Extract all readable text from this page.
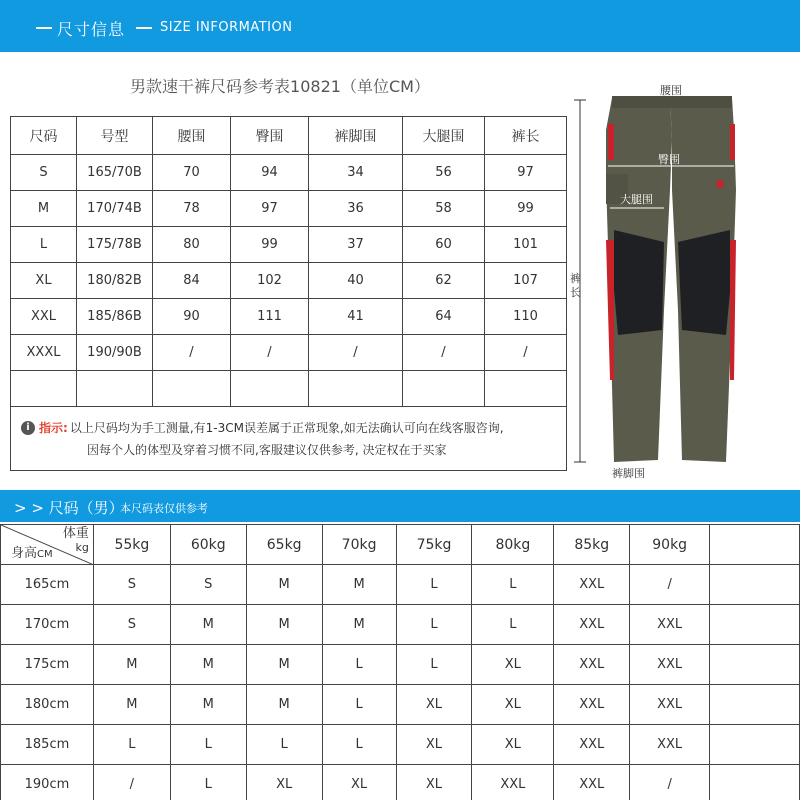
尺寸信息	SIZE INFORMATION
男款速干裤尺码参考表10821（单位CM）
尺码	号型	腰围	臀围	裤脚围	大腿围	裤长
S	165/70B	70	94	34	56	97
M	170/74B	78	97	36	58	99
L	175/78B	80	99	37	60	101
XL	180/82B	84	102	40	62	107
XXL	185/86B	90	111	41	64	110
XXXL	190/90B	/	/	/	/	/

i 指示: 以上尺码均为手工测量,有1-3CM误差属于正常现象,如无法确认可向在线客服咨询,
因每个人的体型及穿着习惯不同,客服建议仅供参考, 决定权在于买家						
腰围
臀围
大腿围
裤长
裤脚围
> > 尺码（男）
本尺码表仅供参考
体重
kg
身高CM	55kg	60kg	65kg	70kg	75kg	80kg	85kg	90kg	
165cm	S	S	M	M	L	L	XXL	/	
170cm	S	M	M	M	L	L	XXL	XXL	
175cm	M	M	M	L	L	XL	XXL	XXL	
180cm	M	M	M	L	XL	XL	XXL	XXL	
185cm	L	L	L	L	XL	XL	XXL	XXL	
190cm	/	L	XL	XL	XL	XXL	XXL	/	
